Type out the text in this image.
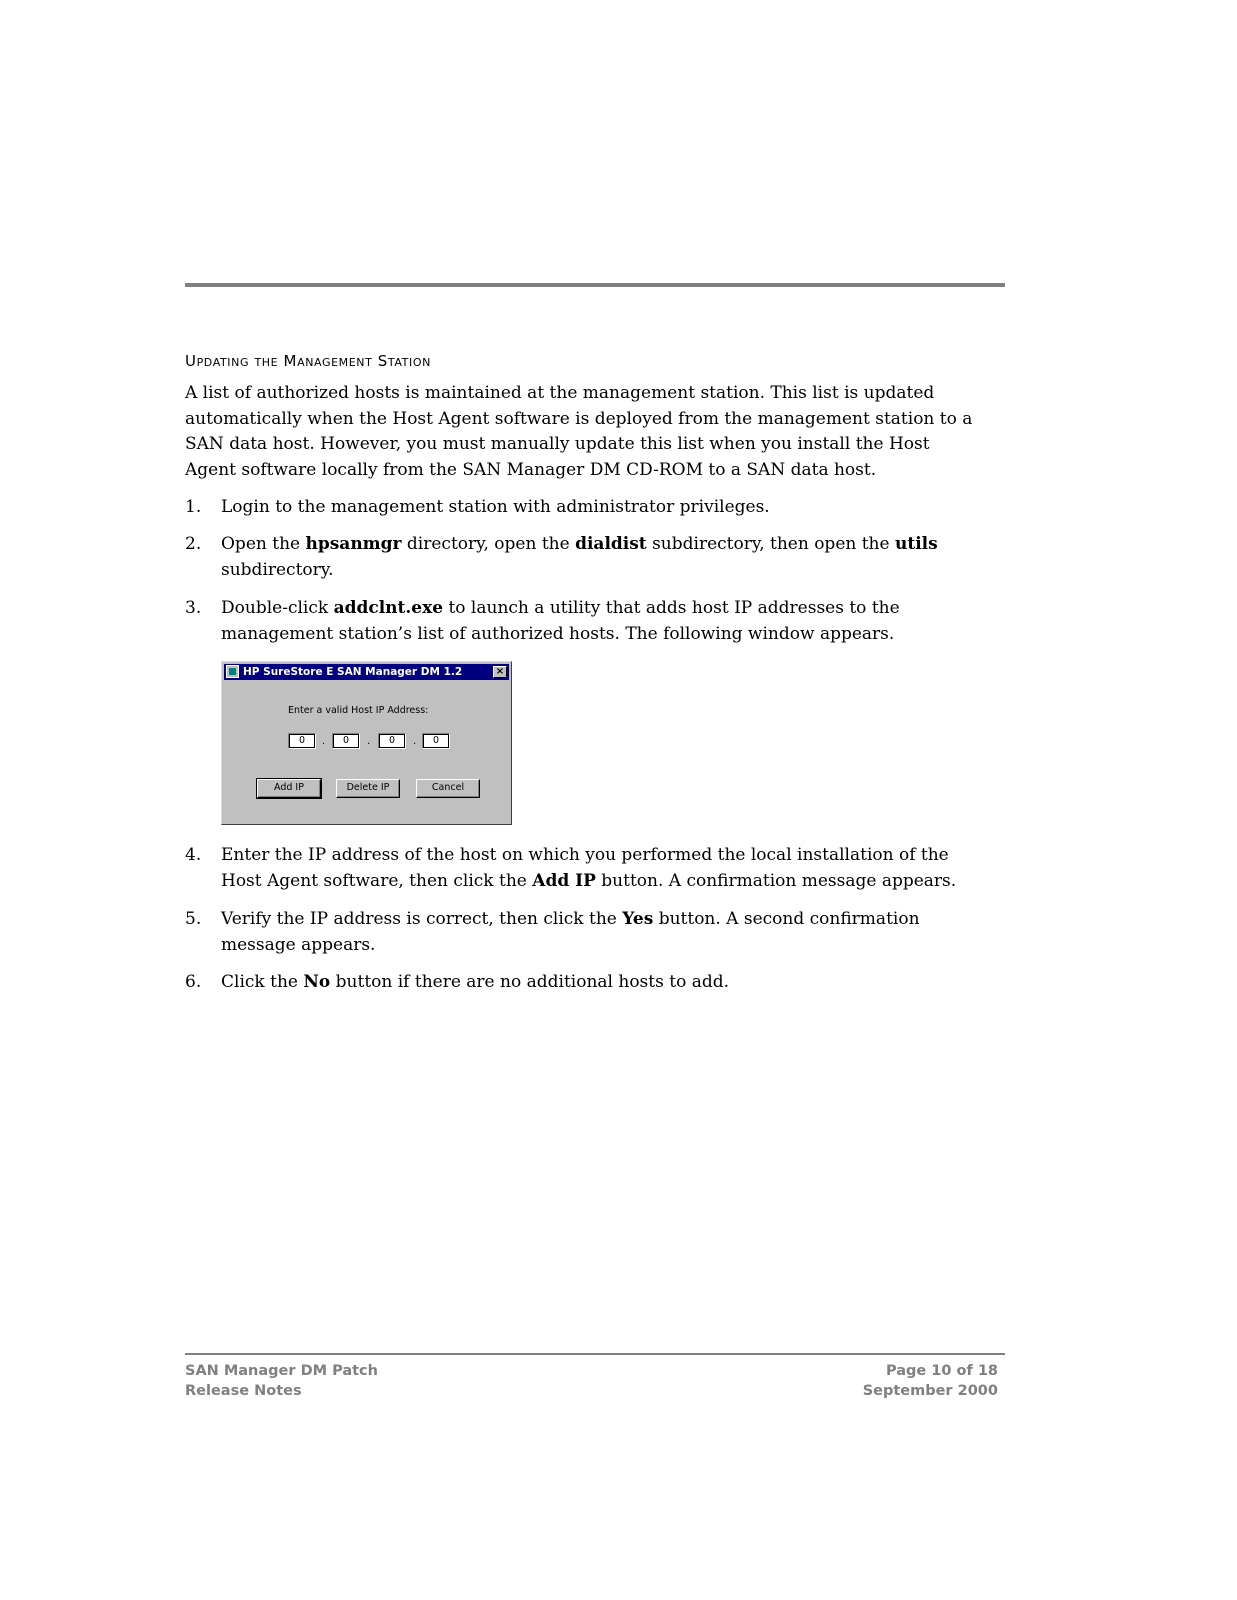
Updating the Management Station
A list of authorized hosts is maintained at the management station. This list is updated automatically when the Host Agent software is deployed from the management station to a SAN data host. However, you must manually update this list when you install the Host Agent software locally from the SAN Manager DM CD-ROM to a SAN data host.
1.	Login to the management station with administrator privileges.
2.	Open the hpsanmgr directory, open the dialdist subdirectory, then open the utils subdirectory.
3.	Double-click addclnt.exe to launch a utility that adds host IP addresses to the management station’s list of authorized hosts. The following window appears.
HP SureStore E SAN Manager DM 1.2	×
Enter a valid Host IP Address:
0	.	0	.	0	.	0
Add IP	Delete IP	Cancel
4.	Enter the IP address of the host on which you performed the local installation of the Host Agent software, then click the Add IP button. A confirmation message appears.
5.	Verify the IP address is correct, then click the Yes button. A second confirmation message appears.
6.	Click the No button if there are no additional hosts to add.
SAN Manager DM Patch
Release Notes
Page 10 of 18
September 2000
